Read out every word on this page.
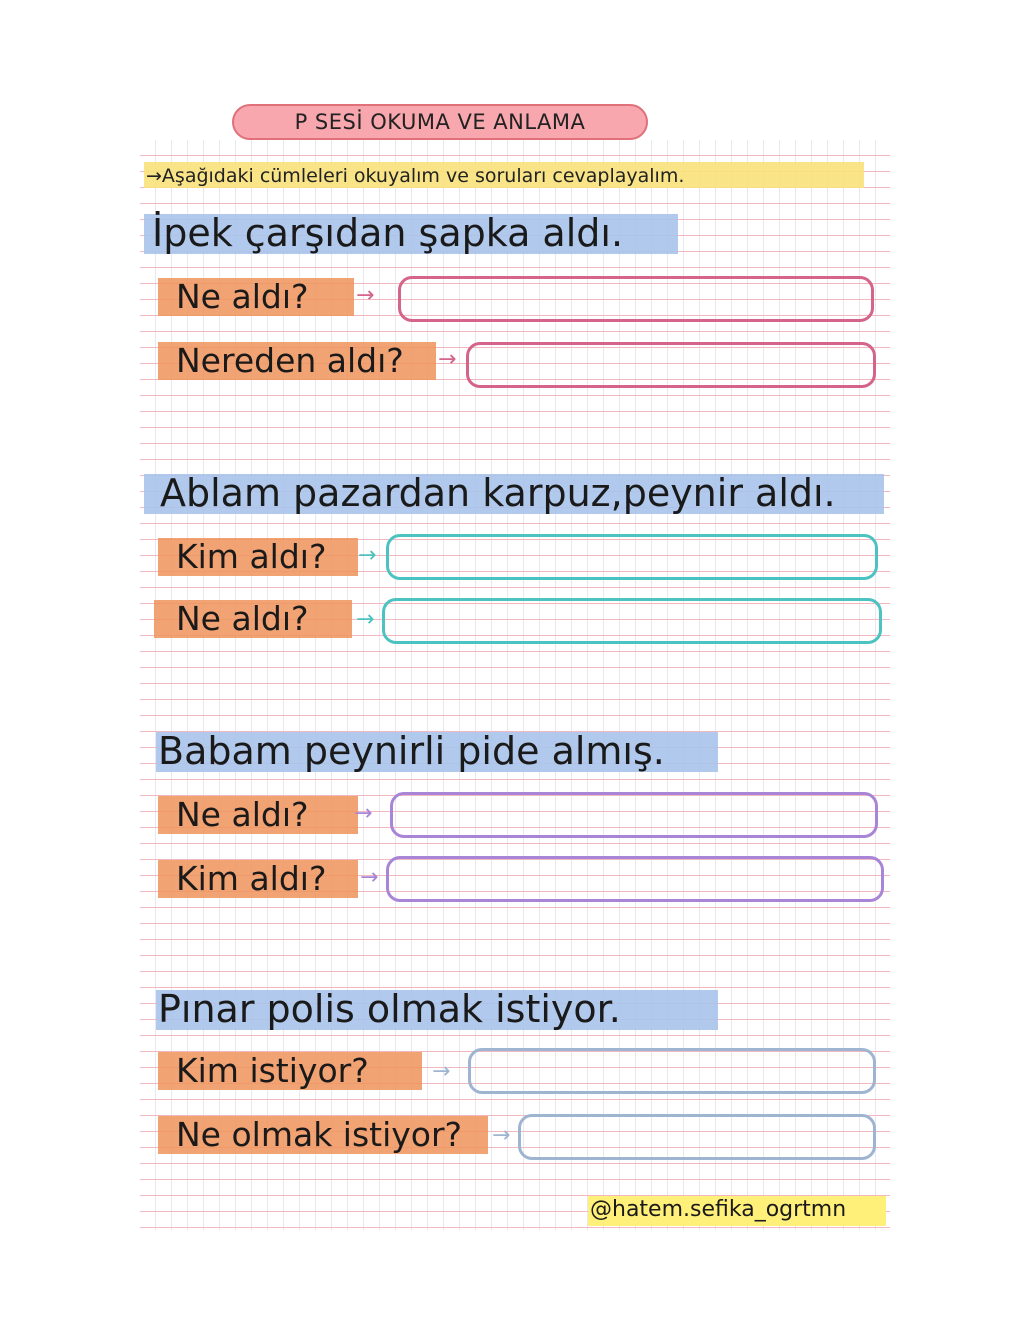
P SESİ OKUMA VE ANLAMA
→Aşağıdaki cümleleri okuyalım ve soruları cevaplayalım.
İpek çarşıdan şapka aldı.
Ne aldı? →
Nereden aldı? →
Ablam pazardan karpuz,peynir aldı.
Kim aldı? →
Ne aldı? →
Babam peynirli pide almış.
Ne aldı? →
Kim aldı? →
Pınar polis olmak istiyor.
Kim istiyor?	→
Ne olmak istiyor? →
@hatem.sefika_ogrtmn
